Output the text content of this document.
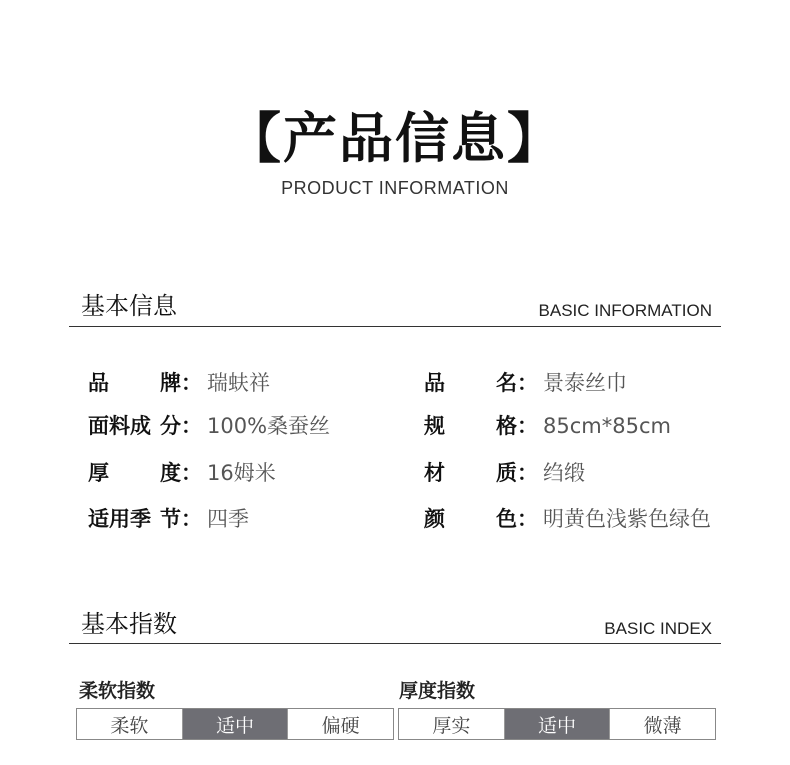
【产品信息】
PRODUCT INFORMATION
基本信息	BASIC INFORMATION
品 牌 ： 瑞蚨祥	品 名 ： 景泰丝巾
面料成 分 ： 100%桑蚕丝	规 格 ： 85cm*85cm
厚 度 ： 16姆米	材 质 ： 绉缎
适用季 节 ： 四季	颜 色 ： 明黄色浅紫色绿色
基本指数	BASIC INDEX
柔软指数
柔软	适中	偏硬
厚度指数
厚实	适中	微薄
